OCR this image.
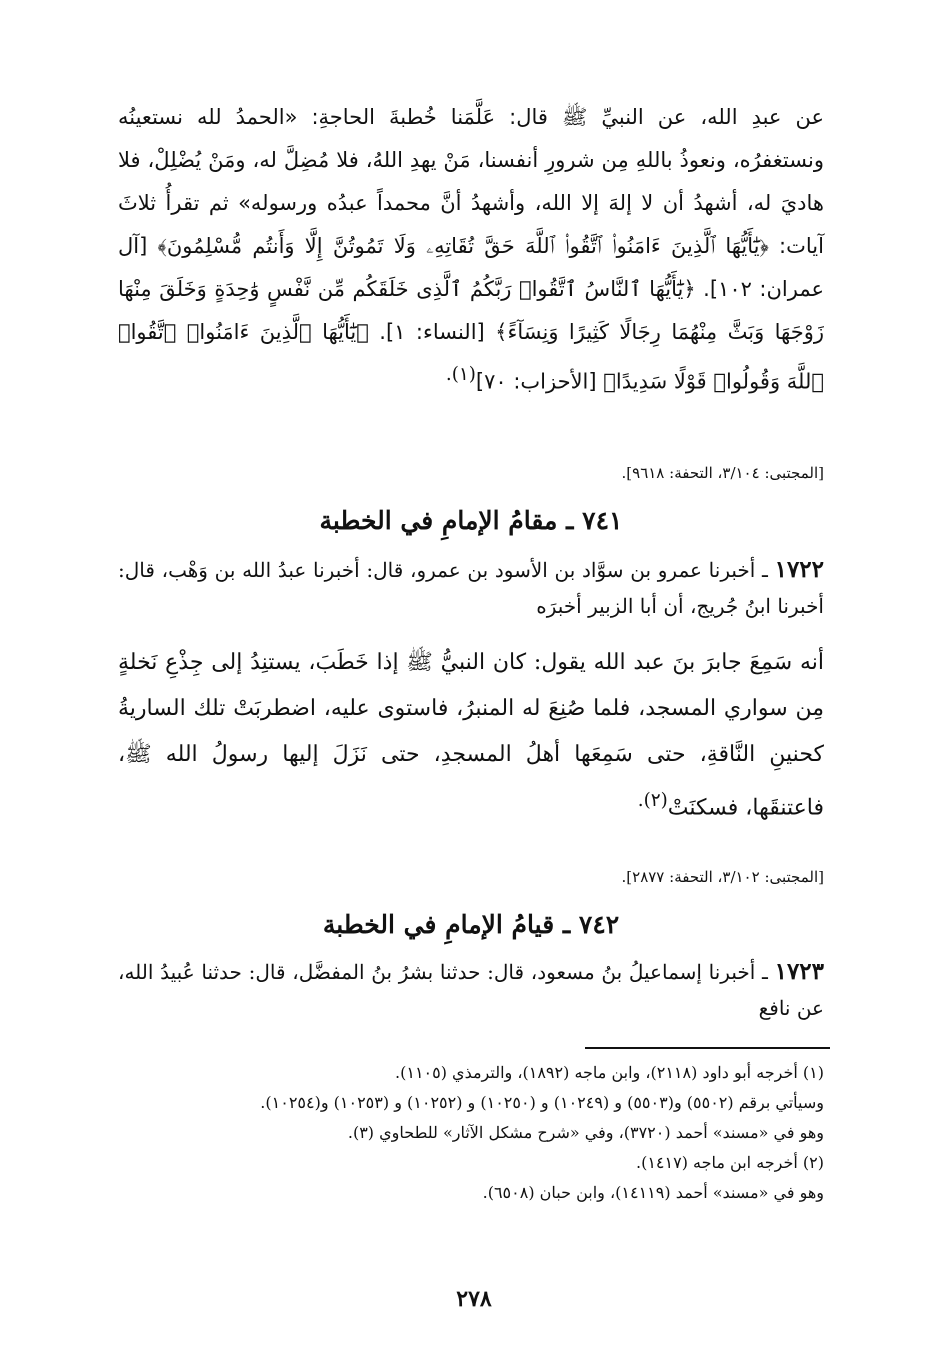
عن عبدِ الله، عن النبيِّ ﷺ قال: عَلَّمَنا خُطبةَ الحاجةِ: «الحمدُ لله نستعينُه ونستغفرُه، ونعوذُ باللهِ مِن شرورِ أنفسنا، مَنْ يهدِ اللهُ، فلا مُضِلَّ له، ومَنْ يُضْلِلْ، فلا هاديَ له، أشهدُ أن لا إلهَ إلا الله، وأشهدُ أنَّ محمداً عبدُه ورسوله» ثم تقرأُ ثلاثَ آيات: ﴿يَٰٓأَيُّهَا ٱلَّذِينَ ءَامَنُوا۟ ٱتَّقُوا۟ ٱللَّهَ حَقَّ تُقَاتِهِۦ وَلَا تَمُوتُنَّ إِلَّا وَأَنتُم مُّسْلِمُونَ﴾ [آل عمران: ١٠٢]. ﴿يَٰٓأَيُّهَا ٱلنَّاسُ ٱتَّقُوا۟ رَبَّكُمُ ٱلَّذِى خَلَقَكُم مِّن نَّفْسٍ وَٰحِدَةٍ وَخَلَقَ مِنْهَا زَوْجَهَا وَبَثَّ مِنْهُمَا رِجَالًا كَثِيرًا وَنِسَآءً﴾ [النساء: ١]. ﴿يَٰٓأَيُّهَا ٱلَّذِينَ ءَامَنُوا۟ ٱتَّقُوا۟ ٱللَّهَ وَقُولُوا۟ قَوْلًا سَدِيدًا﴾ [الأحزاب: ٧٠]$^{(١).}$
[المجتبى: ٣/١٠٤، التحفة: ٩٦١٨].
٧٤١ ـ مقامُ الإمامِ في الخطبة
١٧٢٢ ـ أخبرنا عمرو بن سوَّاد بن الأسود بن عمرو، قال: أخبرنا عبدُ الله بن وَهْب، قال: أخبرنا ابنُ جُريج، أن أبا الزبير أخبرَه
أنه سَمِعَ جابرَ بنَ عبد الله يقول: كان النبيُّ ﷺ إذا خَطَبَ، يستنِدُ إلى جِذْعِ نَخلةٍ مِن سواري المسجد، فلما صُنِعَ له المنبرُ، فاستوى عليه، اضطربَتْ تلك الساريةُ كحنينِ النَّاقةِ، حتى سَمِعَها أهلُ المسجدِ، حتى نَزَلَ إليها رسولُ الله ﷺ، فاعتنقَها، فسكنَتْ$^{(٢).}$
[المجتبى: ٣/١٠٢، التحفة: ٢٨٧٧].
٧٤٢ ـ قيامُ الإمامِ في الخطبة
١٧٢٣ ـ أخبرنا إسماعيلُ بنُ مسعود، قال: حدثنا بشرُ بنُ المفضَّل، قال: حدثنا عُبيدُ الله، عن نافع

(١) أخرجه أبو داود (٢١١٨)، وابن ماجه (١٨٩٢)، والترمذي (١١٠٥).

وسيأتي برقم (٥٥٠٢) و(٥٥٠٣) و (١٠٢٤٩) و (١٠٢٥٠) و (١٠٢٥٢) و (١٠٢٥٣) و(١٠٢٥٤).

وهو في «مسند» أحمد (٣٧٢٠)، وفي «شرح مشكل الآثار» للطحاوي (٣).

(٢) أخرجه ابن ماجه (١٤١٧).

وهو في «مسند» أحمد (١٤١١٩)، وابن حبان (٦٥٠٨).

٢٧٨
